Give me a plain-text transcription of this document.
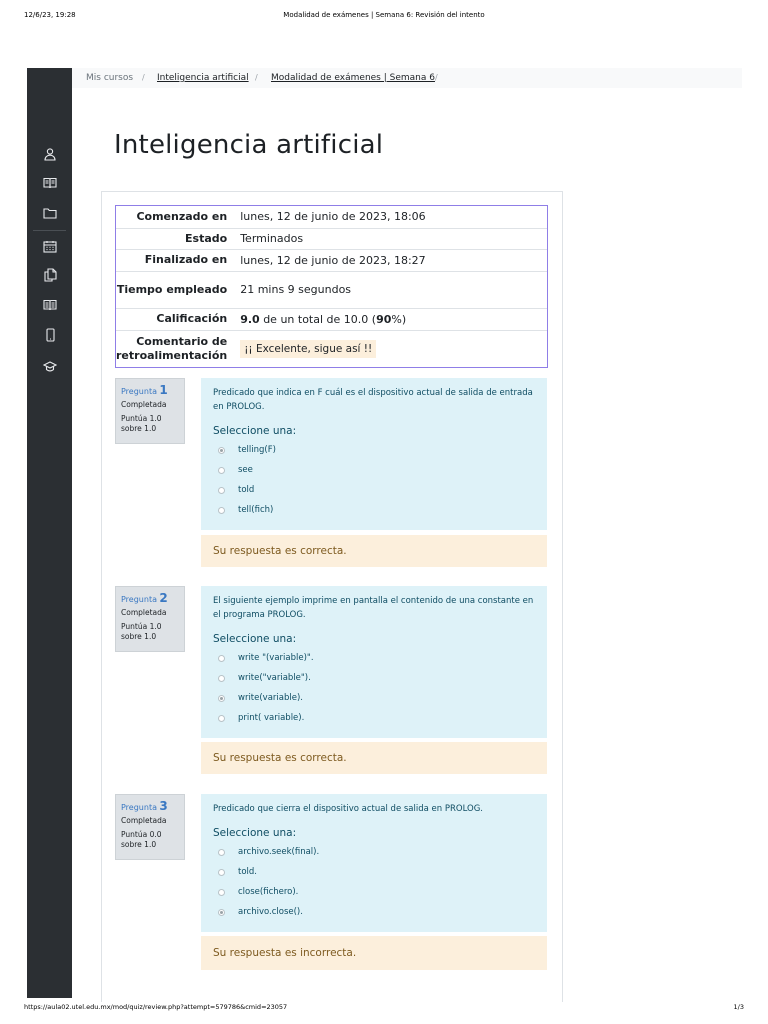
12/6/23, 19:28	Modalidad de exámenes | Semana 6: Revisión del intento
Mis cursos / Inteligencia artificial / Modalidad de exámenes | Semana 6 /
Inteligencia artificial
Comenzado en	lunes, 12 de junio de 2023, 18:06
Estado	Terminados
Finalizado en	lunes, 12 de junio de 2023, 18:27
Tiempo empleado	21 mins 9 segundos
Calificación	9.0 de un total de 10.0 (90%)
Comentario de retroalimentación	¡¡ Excelente, sigue así !!
Pregunta 1
Completada
Puntúa 1.0
sobre 1.0
Predicado que indica en F cuál es el dispositivo actual de salida de entrada en PROLOG.
Seleccione una:
telling(F)
see
told
tell(fich)
Su respuesta es correcta.
Pregunta 2
Completada
Puntúa 1.0
sobre 1.0
El siguiente ejemplo imprime en pantalla el contenido de una constante en el programa PROLOG.
Seleccione una:
write "(variable)".
write("variable").
write(variable).
print( variable).
Su respuesta es correcta.
Pregunta 3
Completada
Puntúa 0.0
sobre 1.0
Predicado que cierra el dispositivo actual de salida en PROLOG.
Seleccione una:
archivo.seek(final).
told.
close(fichero).
archivo.close().
Su respuesta es incorrecta.
https://aula02.utel.edu.mx/mod/quiz/review.php?attempt=579786&cmid=23057	1/3
